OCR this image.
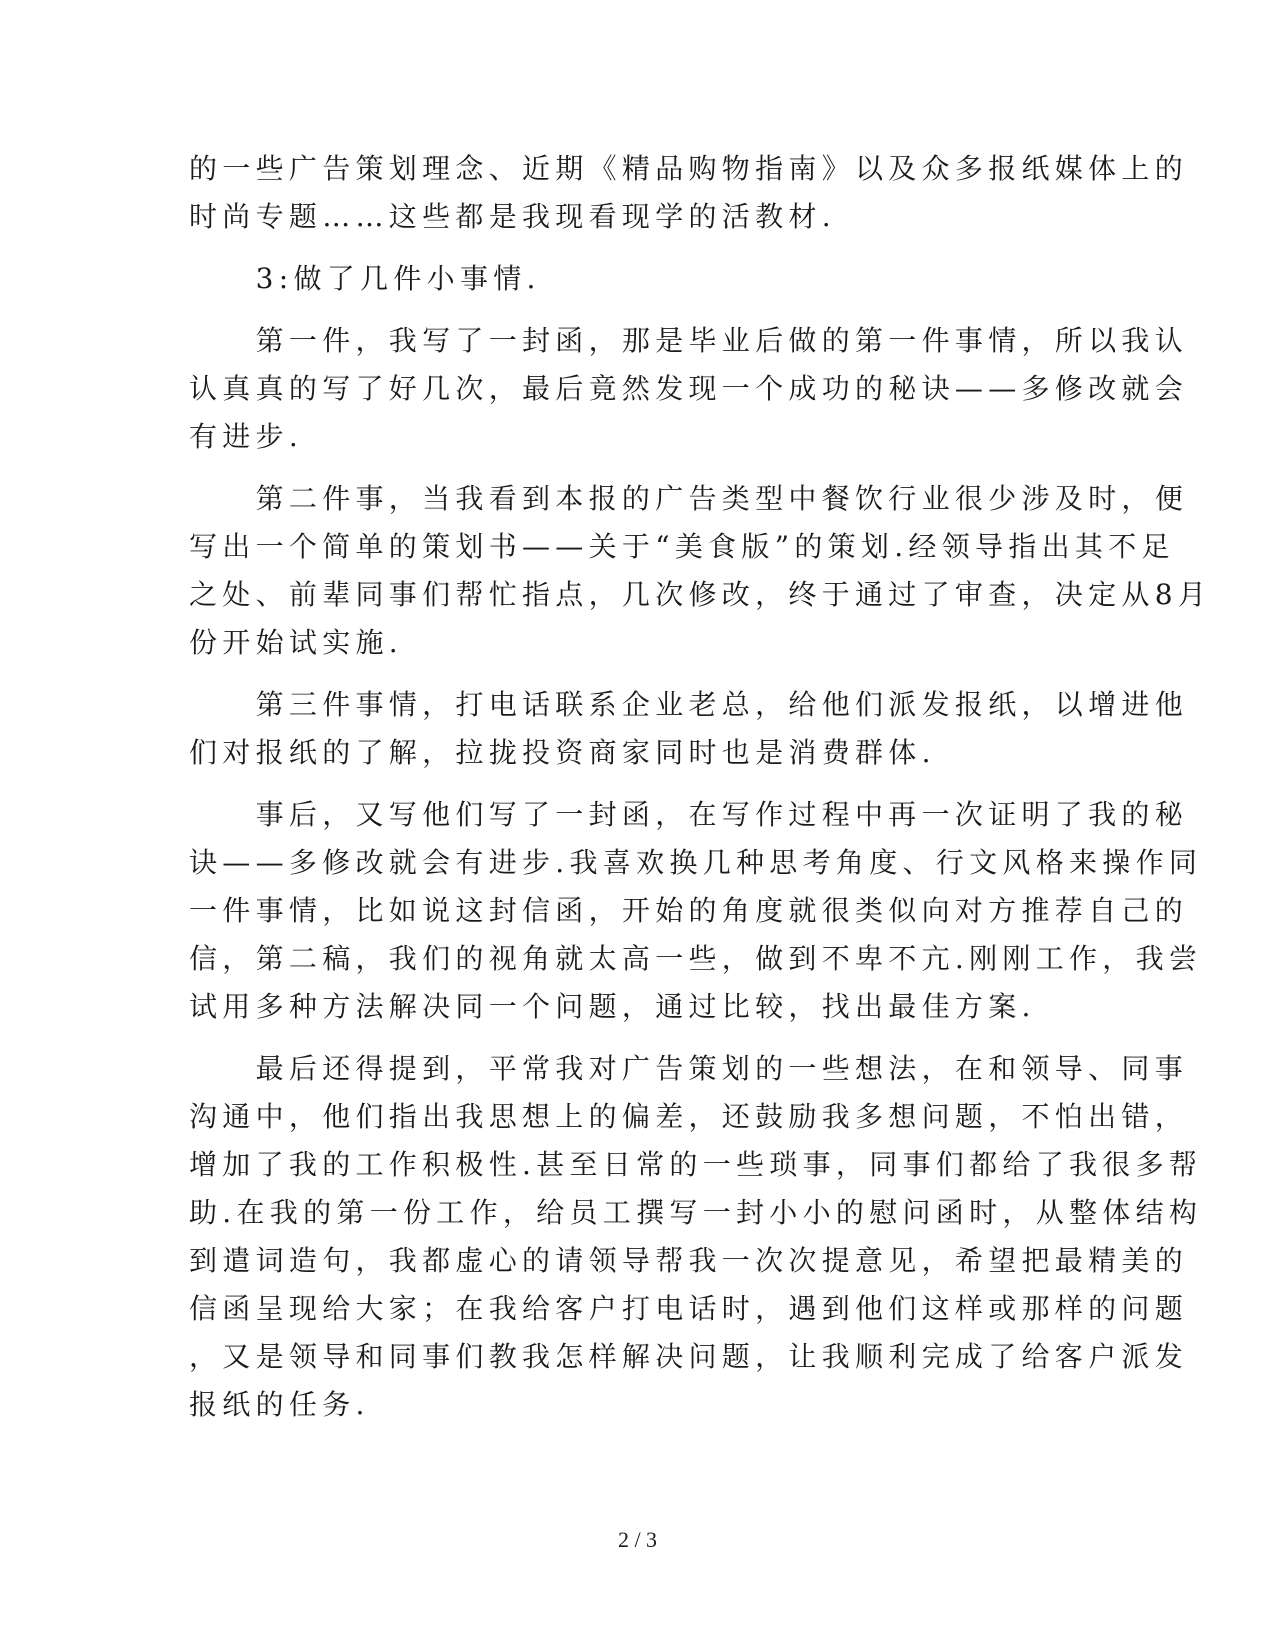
的一些广告策划理念、近期《精品购物指南》以及众多报纸媒体上的
时尚专题……这些都是我现看现学的活教材.
　　3:做了几件小事情.
　　第一件，我写了一封函，那是毕业后做的第一件事情，所以我认
认真真的写了好几次，最后竟然发现一个成功的秘诀——多修改就会
有进步.
　　第二件事，当我看到本报的广告类型中餐饮行业很少涉及时，便
写出一个简单的策划书——关于“美食版”的策划.经领导指出其不足
之处、前辈同事们帮忙指点，几次修改，终于通过了审查，决定从8月
份开始试实施.
　　第三件事情，打电话联系企业老总，给他们派发报纸，以增进他
们对报纸的了解，拉拢投资商家同时也是消费群体.
　　事后，又写他们写了一封函，在写作过程中再一次证明了我的秘
诀——多修改就会有进步.我喜欢换几种思考角度、行文风格来操作同
一件事情，比如说这封信函，开始的角度就很类似向对方推荐自己的
信，第二稿，我们的视角就太高一些，做到不卑不亢.刚刚工作，我尝
试用多种方法解决同一个问题，通过比较，找出最佳方案.
　　最后还得提到，平常我对广告策划的一些想法，在和领导、同事
沟通中，他们指出我思想上的偏差，还鼓励我多想问题，不怕出错，
增加了我的工作积极性.甚至日常的一些琐事，同事们都给了我很多帮
助.在我的第一份工作，给员工撰写一封小小的慰问函时，从整体结构
到遣词造句，我都虚心的请领导帮我一次次提意见，希望把最精美的
信函呈现给大家；在我给客户打电话时，遇到他们这样或那样的问题
，又是领导和同事们教我怎样解决问题，让我顺利完成了给客户派发
报纸的任务.
2 / 3
